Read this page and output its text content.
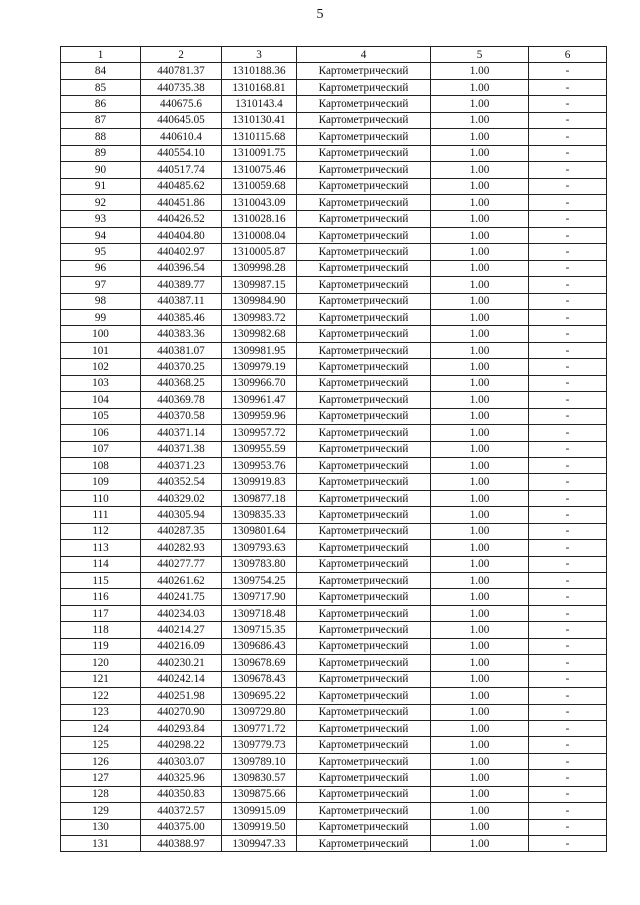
5
1	2	3	4	5	6
84	440781.37	1310188.36	Картометрический	1.00	-
85	440735.38	1310168.81	Картометрический	1.00	-
86	440675.6	1310143.4	Картометрический	1.00	-
87	440645.05	1310130.41	Картометрический	1.00	-
88	440610.4	1310115.68	Картометрический	1.00	-
89	440554.10	1310091.75	Картометрический	1.00	-
90	440517.74	1310075.46	Картометрический	1.00	-
91	440485.62	1310059.68	Картометрический	1.00	-
92	440451.86	1310043.09	Картометрический	1.00	-
93	440426.52	1310028.16	Картометрический	1.00	-
94	440404.80	1310008.04	Картометрический	1.00	-
95	440402.97	1310005.87	Картометрический	1.00	-
96	440396.54	1309998.28	Картометрический	1.00	-
97	440389.77	1309987.15	Картометрический	1.00	-
98	440387.11	1309984.90	Картометрический	1.00	-
99	440385.46	1309983.72	Картометрический	1.00	-
100	440383.36	1309982.68	Картометрический	1.00	-
101	440381.07	1309981.95	Картометрический	1.00	-
102	440370.25	1309979.19	Картометрический	1.00	-
103	440368.25	1309966.70	Картометрический	1.00	-
104	440369.78	1309961.47	Картометрический	1.00	-
105	440370.58	1309959.96	Картометрический	1.00	-
106	440371.14	1309957.72	Картометрический	1.00	-
107	440371.38	1309955.59	Картометрический	1.00	-
108	440371.23	1309953.76	Картометрический	1.00	-
109	440352.54	1309919.83	Картометрический	1.00	-
110	440329.02	1309877.18	Картометрический	1.00	-
111	440305.94	1309835.33	Картометрический	1.00	-
112	440287.35	1309801.64	Картометрический	1.00	-
113	440282.93	1309793.63	Картометрический	1.00	-
114	440277.77	1309783.80	Картометрический	1.00	-
115	440261.62	1309754.25	Картометрический	1.00	-
116	440241.75	1309717.90	Картометрический	1.00	-
117	440234.03	1309718.48	Картометрический	1.00	-
118	440214.27	1309715.35	Картометрический	1.00	-
119	440216.09	1309686.43	Картометрический	1.00	-
120	440230.21	1309678.69	Картометрический	1.00	-
121	440242.14	1309678.43	Картометрический	1.00	-
122	440251.98	1309695.22	Картометрический	1.00	-
123	440270.90	1309729.80	Картометрический	1.00	-
124	440293.84	1309771.72	Картометрический	1.00	-
125	440298.22	1309779.73	Картометрический	1.00	-
126	440303.07	1309789.10	Картометрический	1.00	-
127	440325.96	1309830.57	Картометрический	1.00	-
128	440350.83	1309875.66	Картометрический	1.00	-
129	440372.57	1309915.09	Картометрический	1.00	-
130	440375.00	1309919.50	Картометрический	1.00	-
131	440388.97	1309947.33	Картометрический	1.00	-
